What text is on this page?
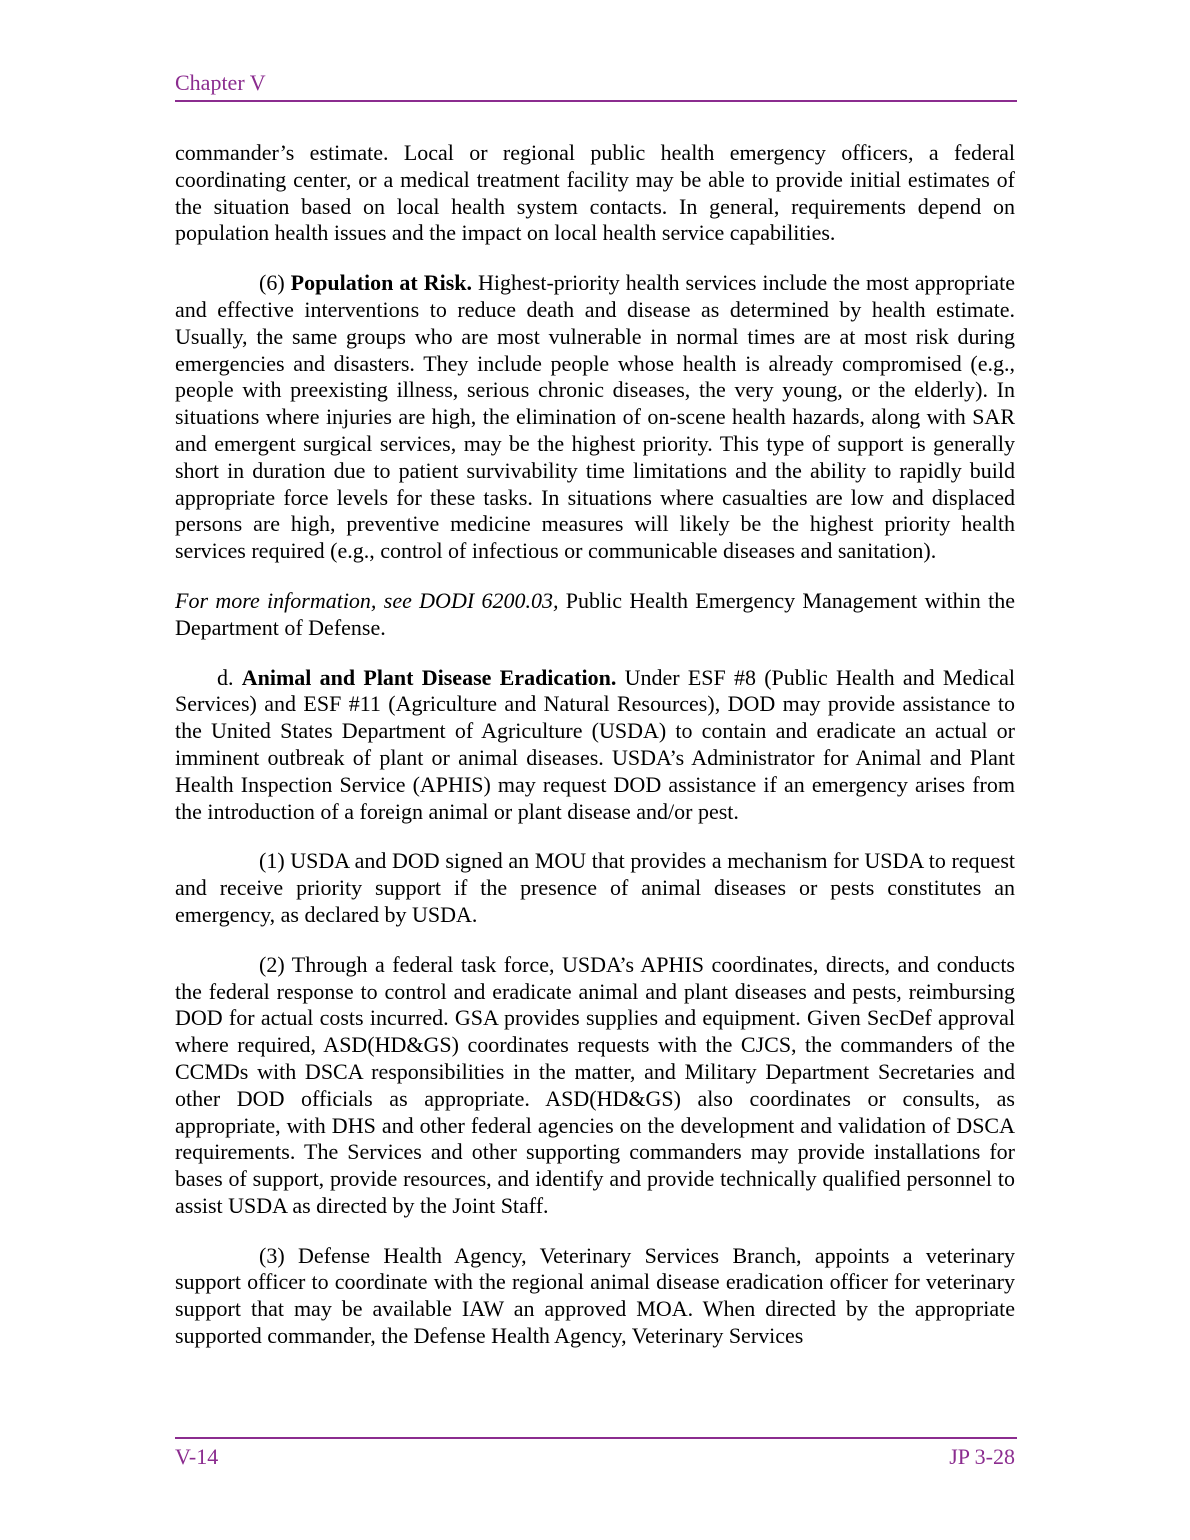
Chapter V

commander’s estimate. Local or regional public health emergency officers, a federal coordinating center, or a medical treatment facility may be able to provide initial estimates of the situation based on local health system contacts. In general, requirements depend on population health issues and the impact on local health service capabilities.

(6) Population at Risk. Highest-priority health services include the most appropriate and effective interventions to reduce death and disease as determined by health estimate. Usually, the same groups who are most vulnerable in normal times are at most risk during emergencies and disasters. They include people whose health is already compromised (e.g., people with preexisting illness, serious chronic diseases, the very young, or the elderly). In situations where injuries are high, the elimination of on-scene health hazards, along with SAR and emergent surgical services, may be the highest priority. This type of support is generally short in duration due to patient survivability time limitations and the ability to rapidly build appropriate force levels for these tasks. In situations where casualties are low and displaced persons are high, preventive medicine measures will likely be the highest priority health services required (e.g., control of infectious or communicable diseases and sanitation).

For more information, see DODI 6200.03, Public Health Emergency Management within the Department of Defense.

d. Animal and Plant Disease Eradication. Under ESF #8 (Public Health and Medical Services) and ESF #11 (Agriculture and Natural Resources), DOD may provide assistance to the United States Department of Agriculture (USDA) to contain and eradicate an actual or imminent outbreak of plant or animal diseases. USDA’s Administrator for Animal and Plant Health Inspection Service (APHIS) may request DOD assistance if an emergency arises from the introduction of a foreign animal or plant disease and/or pest.

(1) USDA and DOD signed an MOU that provides a mechanism for USDA to request and receive priority support if the presence of animal diseases or pests constitutes an emergency, as declared by USDA.

(2) Through a federal task force, USDA’s APHIS coordinates, directs, and conducts the federal response to control and eradicate animal and plant diseases and pests, reimbursing DOD for actual costs incurred. GSA provides supplies and equipment. Given SecDef approval where required, ASD(HD&GS) coordinates requests with the CJCS, the commanders of the CCMDs with DSCA responsibilities in the matter, and Military Department Secretaries and other DOD officials as appropriate. ASD(HD&GS) also coordinates or consults, as appropriate, with DHS and other federal agencies on the development and validation of DSCA requirements. The Services and other supporting commanders may provide installations for bases of support, provide resources, and identify and provide technically qualified personnel to assist USDA as directed by the Joint Staff.

(3) Defense Health Agency, Veterinary Services Branch, appoints a veterinary support officer to coordinate with the regional animal disease eradication officer for veterinary support that may be available IAW an approved MOA. When directed by the appropriate supported commander, the Defense Health Agency, Veterinary Services

V-14	JP 3-28
